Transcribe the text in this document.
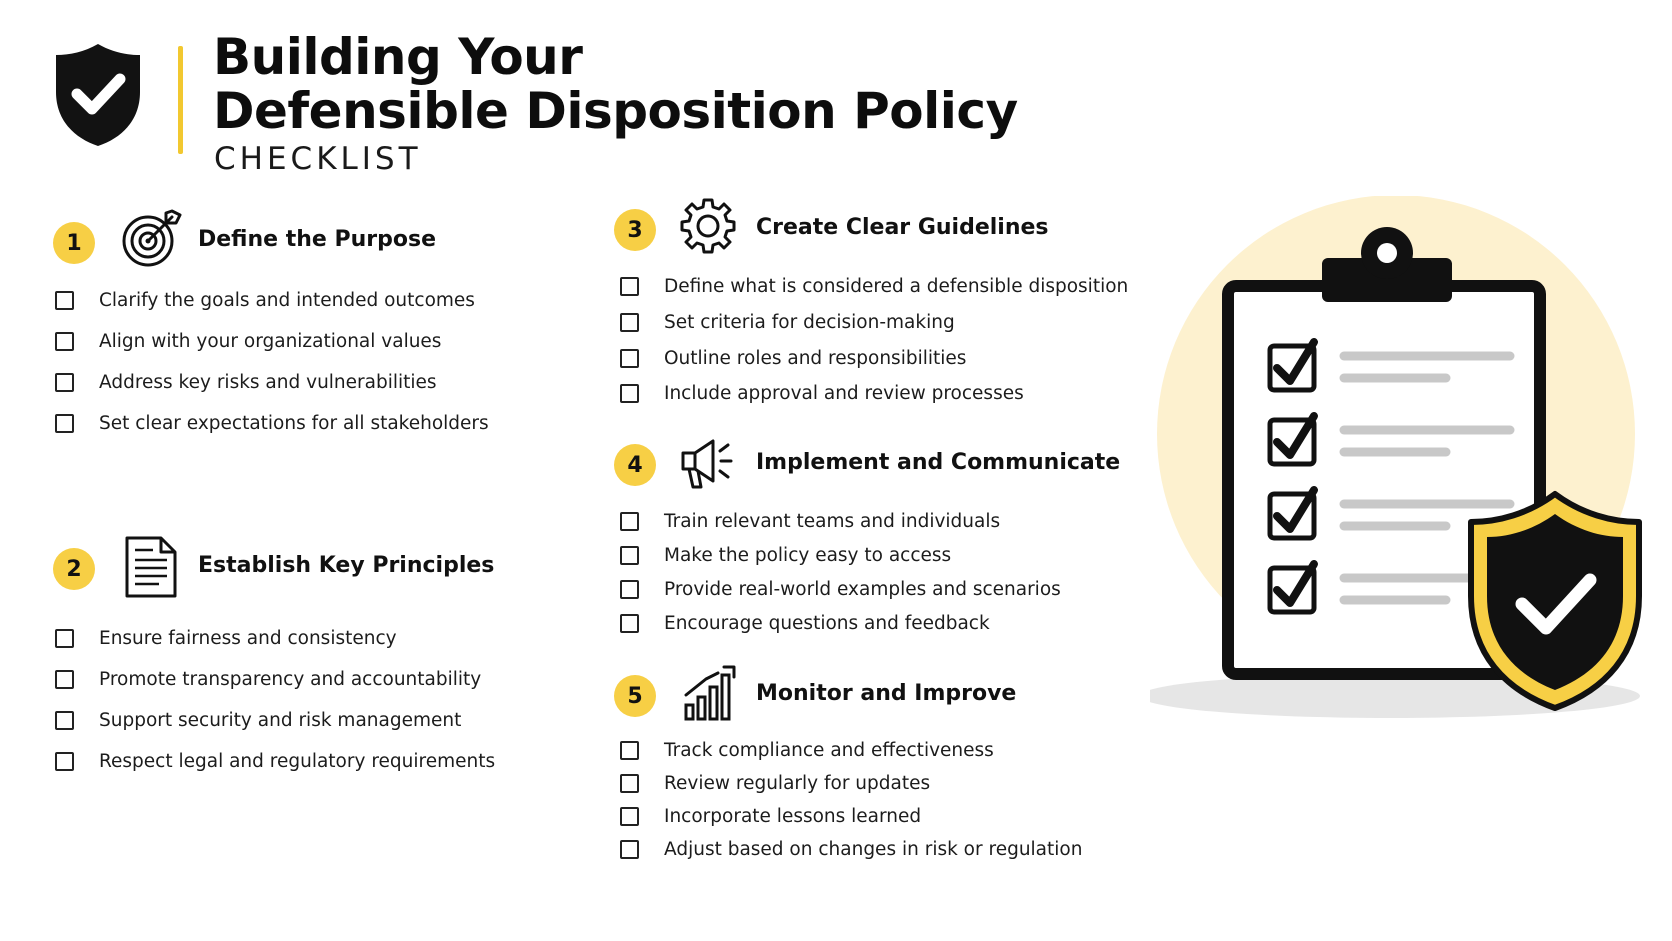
Building Your
Defensible Disposition Policy
CHECKLIST
1	Define the Purpose
Clarify the goals and intended outcomes
Align with your organizational values
Address key risks and vulnerabilities
Set clear expectations for all stakeholders
2	Establish Key Principles
Ensure fairness and consistency
Promote transparency and accountability
Support security and risk management
Respect legal and regulatory requirements
3	Create Clear Guidelines
Define what is considered a defensible disposition
Set criteria for decision-making
Outline roles and responsibilities
Include approval and review processes
4	Implement and Communicate
Train relevant teams and individuals
Make the policy easy to access
Provide real-world examples and scenarios
Encourage questions and feedback
5	Monitor and Improve
Track compliance and effectiveness
Review regularly for updates
Incorporate lessons learned
Adjust based on changes in risk or regulation
